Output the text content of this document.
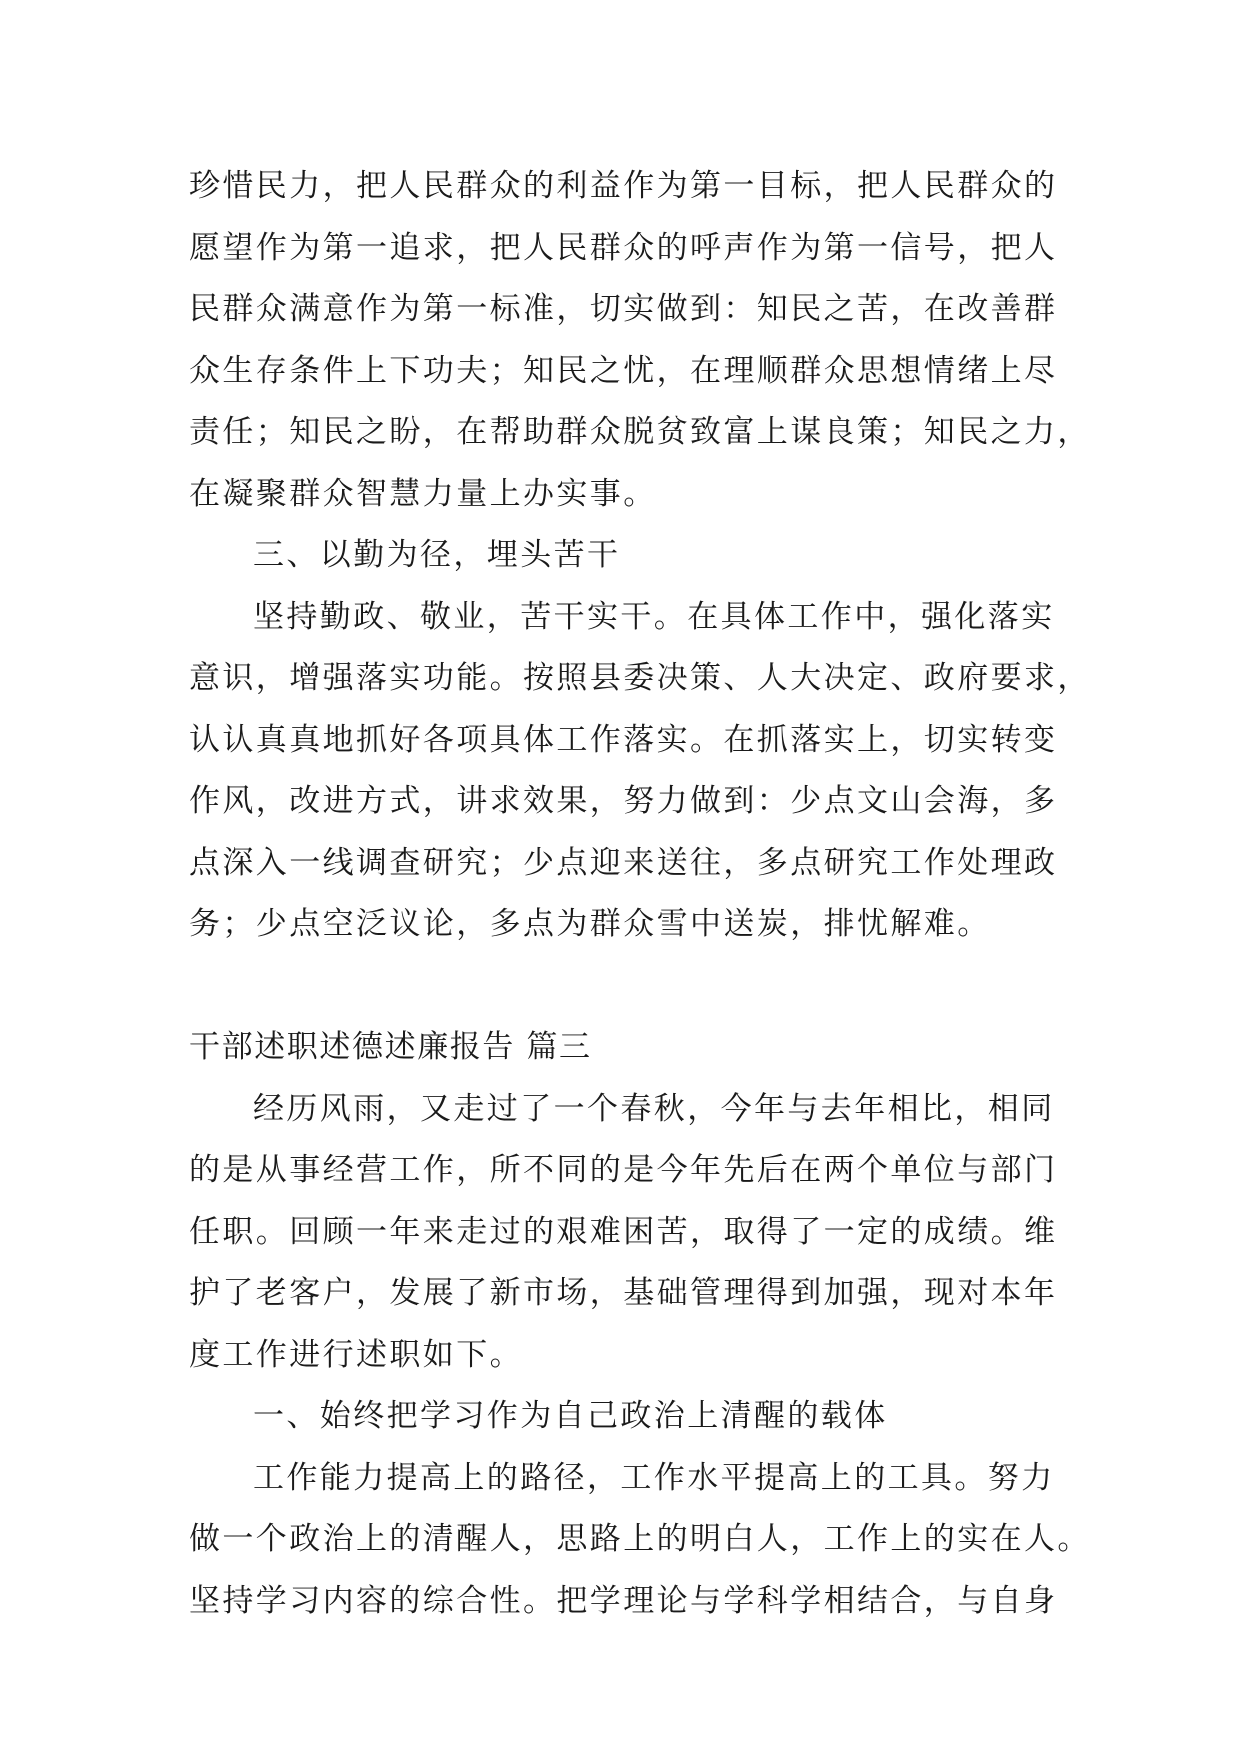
珍惜民力，把人民群众的利益作为第一目标，把人民群众的
愿望作为第一追求，把人民群众的呼声作为第一信号，把人
民群众满意作为第一标准，切实做到：知民之苦，在改善群
众生存条件上下功夫；知民之忧，在理顺群众思想情绪上尽
责任；知民之盼，在帮助群众脱贫致富上谋良策；知民之力，
在凝聚群众智慧力量上办实事。
三、以勤为径，埋头苦干
坚持勤政、敬业，苦干实干。在具体工作中，强化落实
意识，增强落实功能。按照县委决策、人大决定、政府要求，
认认真真地抓好各项具体工作落实。在抓落实上，切实转变
作风，改进方式，讲求效果，努力做到：少点文山会海，多
点深入一线调查研究；少点迎来送往，多点研究工作处理政
务；少点空泛议论，多点为群众雪中送炭，排忧解难。
干部述职述德述廉报告 篇三
经历风雨，又走过了一个春秋，今年与去年相比，相同
的是从事经营工作，所不同的是今年先后在两个单位与部门
任职。回顾一年来走过的艰难困苦，取得了一定的成绩。维
护了老客户，发展了新市场，基础管理得到加强，现对本年
度工作进行述职如下。
一、始终把学习作为自己政治上清醒的载体
工作能力提高上的路径，工作水平提高上的工具。努力
做一个政治上的清醒人，思路上的明白人，工作上的实在人。
坚持学习内容的综合性。把学理论与学科学相结合，与自身
